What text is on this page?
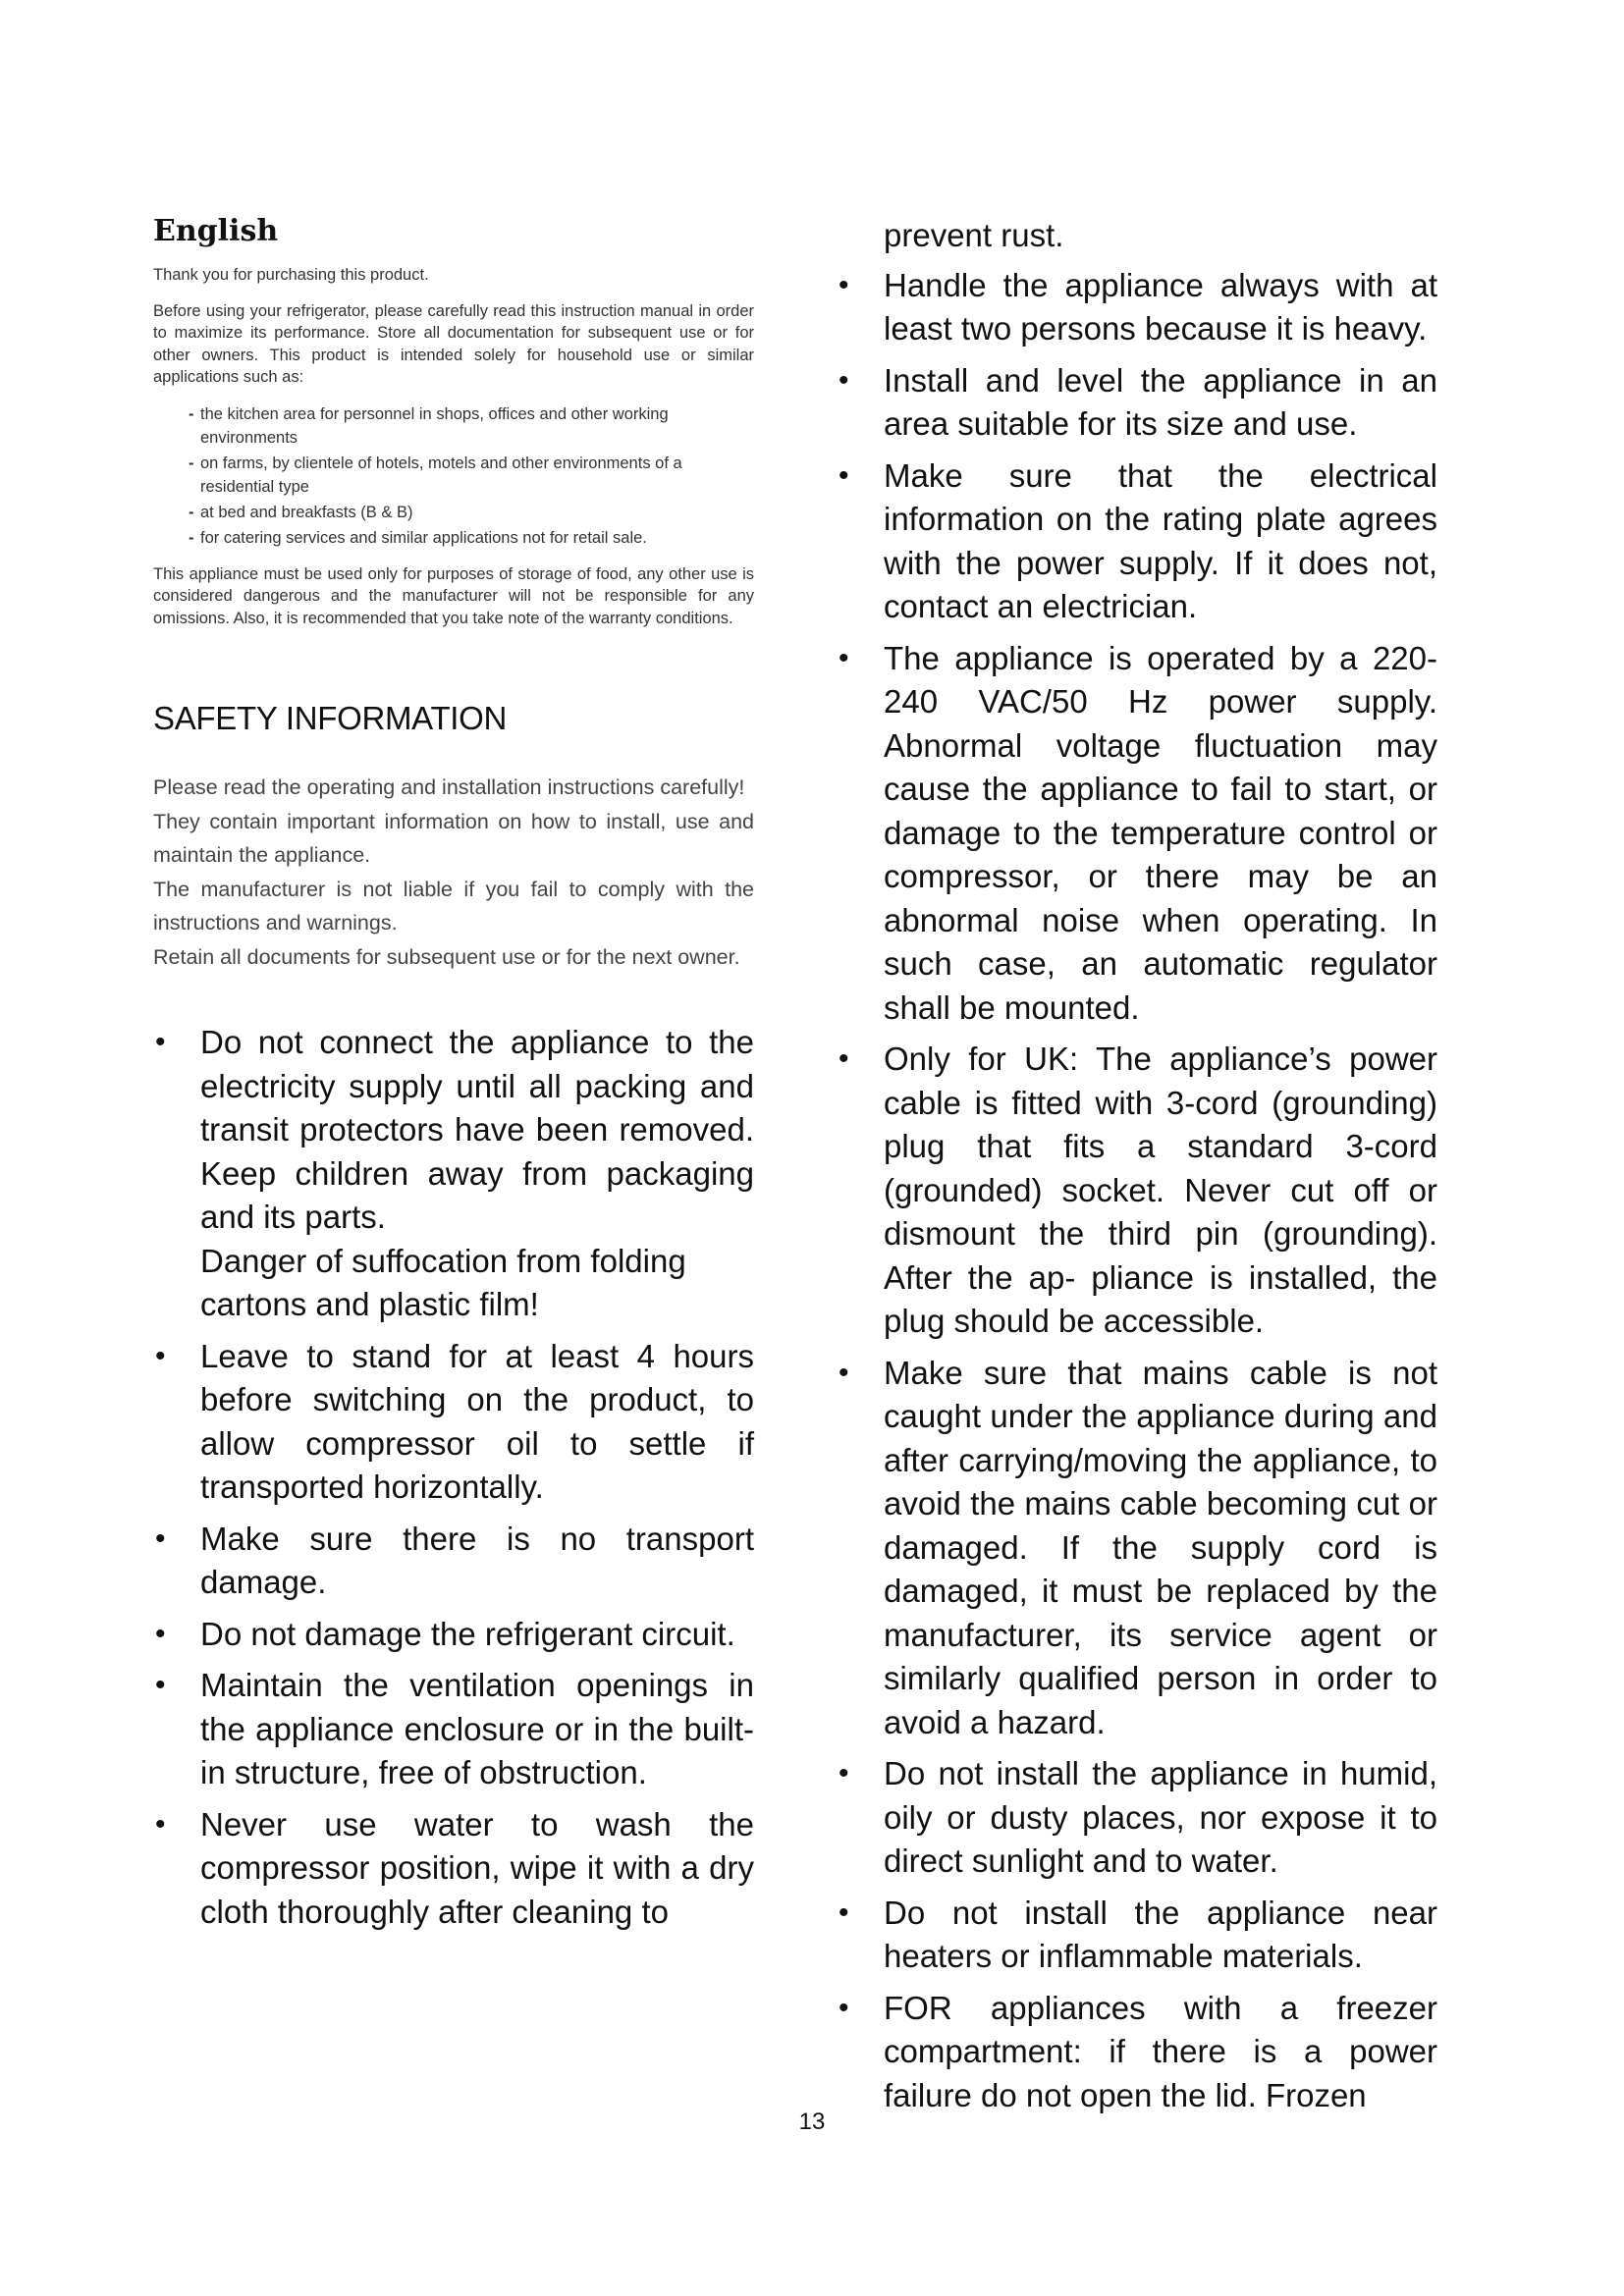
English

Thank you for purchasing this product.

Before using your refrigerator, please carefully read this instruction manual in order to maximize its performance. Store all documentation for subsequent use or for other owners. This product is intended solely for household use or similar applications such as:

- the kitchen area for personnel in shops, offices and other working environments
- on farms, by clientele of hotels, motels and other environments of a residential type
- at bed and breakfasts (B & B)
- for catering services and similar applications not for retail sale.

This appliance must be used only for purposes of storage of food, any other use is considered dangerous and the manufacturer will not be responsible for any omissions. Also, it is recommended that you take note of the warranty conditions.

SAFETY INFORMATION

Please read the operating and installation instructions carefully!

They contain important information on how to install, use and maintain the appliance.

The manufacturer is not liable if you fail to comply with the instructions and warnings.

Retain all documents for subsequent use or for the next owner.

• Do not connect the appliance to the electricity supply until all packing and transit protectors have been removed. Keep children away from packaging and its parts.
Danger of suffocation from folding cartons and plastic film!
• Leave to stand for at least 4 hours before switching on the product, to allow compressor oil to settle if transported horizontally.
• Make sure there is no transport damage.
• Do not damage the refrigerant circuit.
• Maintain the ventilation openings in the appliance enclosure or in the built-in structure, free of obstruction.
• Never use water to wash the compressor position, wipe it with a dry cloth thoroughly after cleaning to

prevent rust.

• Handle the appliance always with at least two persons because it is heavy.
• Install and level the appliance in an area suitable for its size and use.
• Make sure that the electrical information on the rating plate agrees with the power supply. If it does not, contact an electrician.
• The appliance is operated by a 220-240 VAC/50 Hz power supply. Abnormal voltage fluctuation may cause the appliance to fail to start, or damage to the temperature control or compressor, or there may be an abnormal noise when operating. In such case, an automatic regulator shall be mounted.
• Only for UK: The appliance’s power cable is fitted with 3-cord (grounding) plug that fits a standard 3-cord (grounded) socket. Never cut off or dismount the third pin (grounding). After the ap- pliance is installed, the plug should be accessible.
• Make sure that mains cable is not caught under the appliance during and after carrying/moving the appliance, to avoid the mains cable becoming cut or damaged. If the supply cord is damaged, it must be replaced by the manufacturer, its service agent or similarly qualified person in order to avoid a hazard.
• Do not install the appliance in humid, oily or dusty places, nor expose it to direct sunlight and to water.
• Do not install the appliance near heaters or inflammable materials.
• FOR appliances with a freezer compartment: if there is a power failure do not open the lid. Frozen
13
